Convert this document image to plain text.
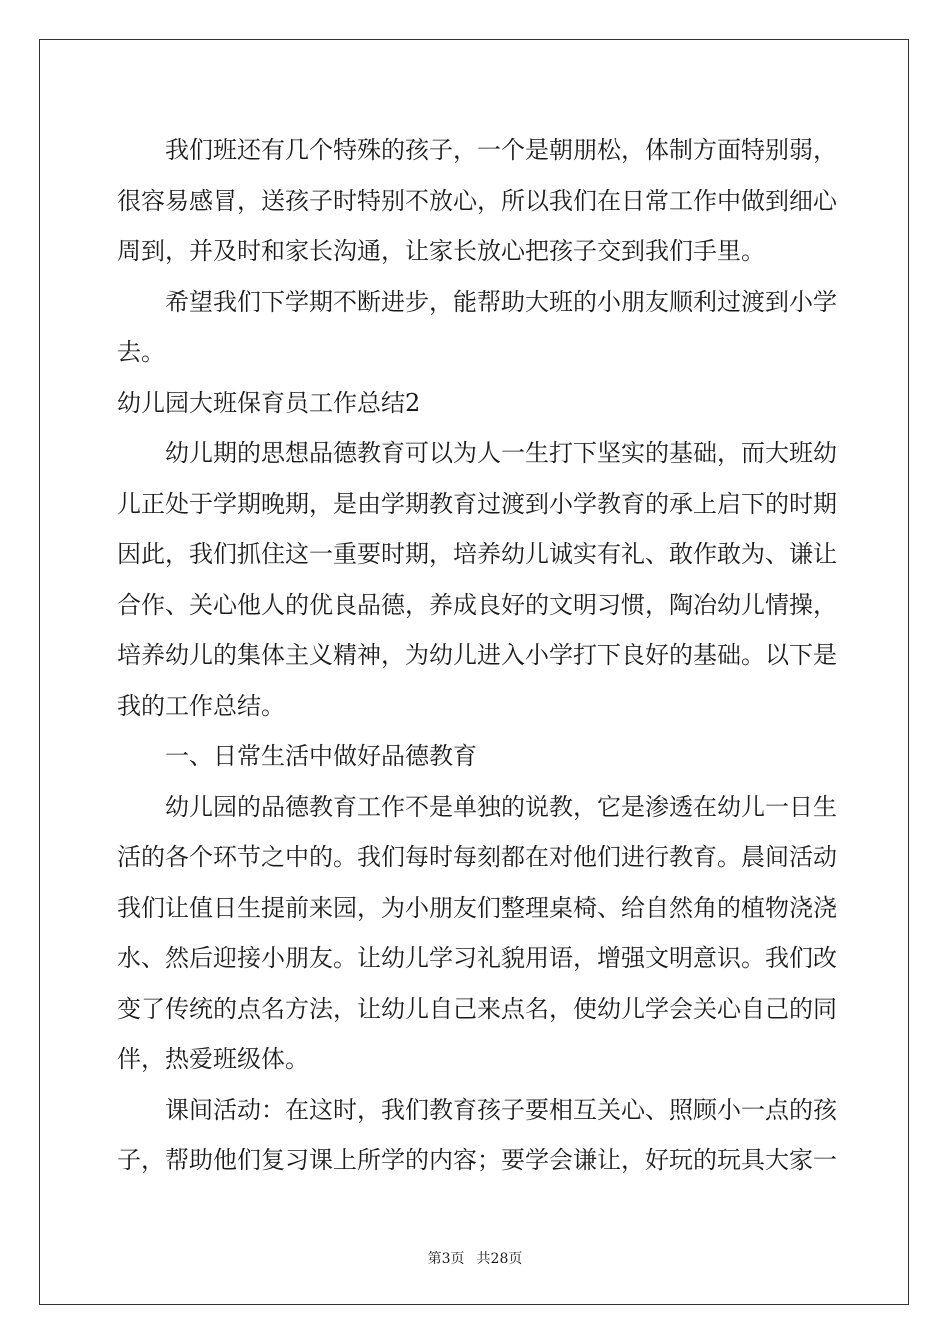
我们班还有几个特殊的孩子，一个是朝朋松，体制方面特别弱，
很容易感冒，送孩子时特别不放心，所以我们在日常工作中做到细心
周到，并及时和家长沟通，让家长放心把孩子交到我们手里。
希望我们下学期不断进步，能帮助大班的小朋友顺利过渡到小学
去。
幼儿园大班保育员工作总结2
幼儿期的思想品德教育可以为人一生打下坚实的基础，而大班幼
儿正处于学期晚期，是由学期教育过渡到小学教育的承上启下的时期
因此，我们抓住这一重要时期，培养幼儿诚实有礼、敢作敢为、谦让
合作、关心他人的优良品德，养成良好的文明习惯，陶冶幼儿情操，
培养幼儿的集体主义精神，为幼儿进入小学打下良好的基础。以下是
我的工作总结。
一、日常生活中做好品德教育
幼儿园的品德教育工作不是单独的说教，它是渗透在幼儿一日生
活的各个环节之中的。我们每时每刻都在对他们进行教育。晨间活动
我们让值日生提前来园，为小朋友们整理桌椅、给自然角的植物浇浇
水、然后迎接小朋友。让幼儿学习礼貌用语，增强文明意识。我们改
变了传统的点名方法，让幼儿自己来点名，使幼儿学会关心自己的同
伴，热爱班级体。
课间活动：在这时，我们教育孩子要相互关心、照顾小一点的孩
子，帮助他们复习课上所学的内容；要学会谦让，好玩的玩具大家一
第3页 共28页
